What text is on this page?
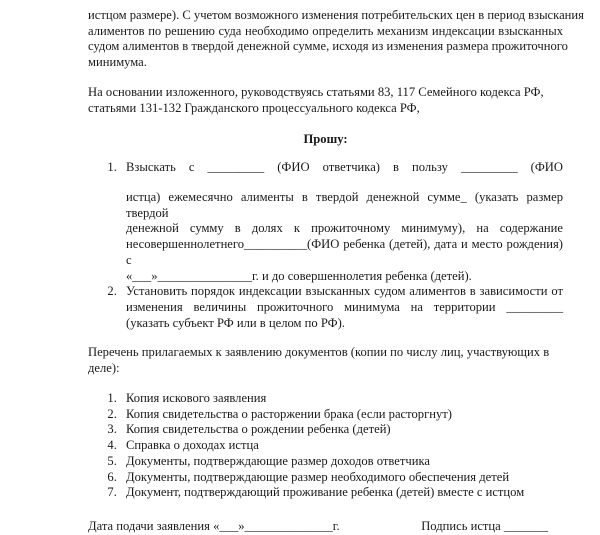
истцом размере). С учетом возможного изменения потребительских цен в период взыскания
алиментов по решению суда необходимо определить механизм индексации взысканных
судом алиментов в твердой денежной сумме, исходя из изменения размера прожиточного
минимума.
На основании изложенного, руководствуясь статьями 83, 117 Семейного кодекса РФ,
статьями 131-132 Гражданского процессуального кодекса РФ,

Прошу:

1. Взыскать с _________ (ФИО ответчика) в пользу _________ (ФИО
истца) ежемесячно алименты в твердой денежной сумме_ (указать размер твердой
денежной сумму в долях к прожиточному минимуму), на содержание
несовершеннолетнего__________(ФИО ребенка (детей), дата и место рождения) с
«___»_______________г. и до совершеннолетия ребенка (детей).
2. Установить порядок индексации взысканных судом алиментов в зависимости от
изменения величины прожиточного минимума на территории _________
(указать субъект РФ или в целом по РФ).

Перечень прилагаемых к заявлению документов (копии по числу лиц, участвующих в деле):

1. Копия искового заявления
2. Копия свидетельства о расторжении брака (если расторгнут)
3. Копия свидетельства о рождении ребенка (детей)
4. Справка о доходах истца
5. Документы, подтверждающие размер доходов ответчика
6. Документы, подтверждающие размер необходимого обеспечения детей
7. Документ, подтверждающий проживание ребенка (детей) вместе с истцом
Дата подачи заявления «___»______________г.	Подпись истца _______
